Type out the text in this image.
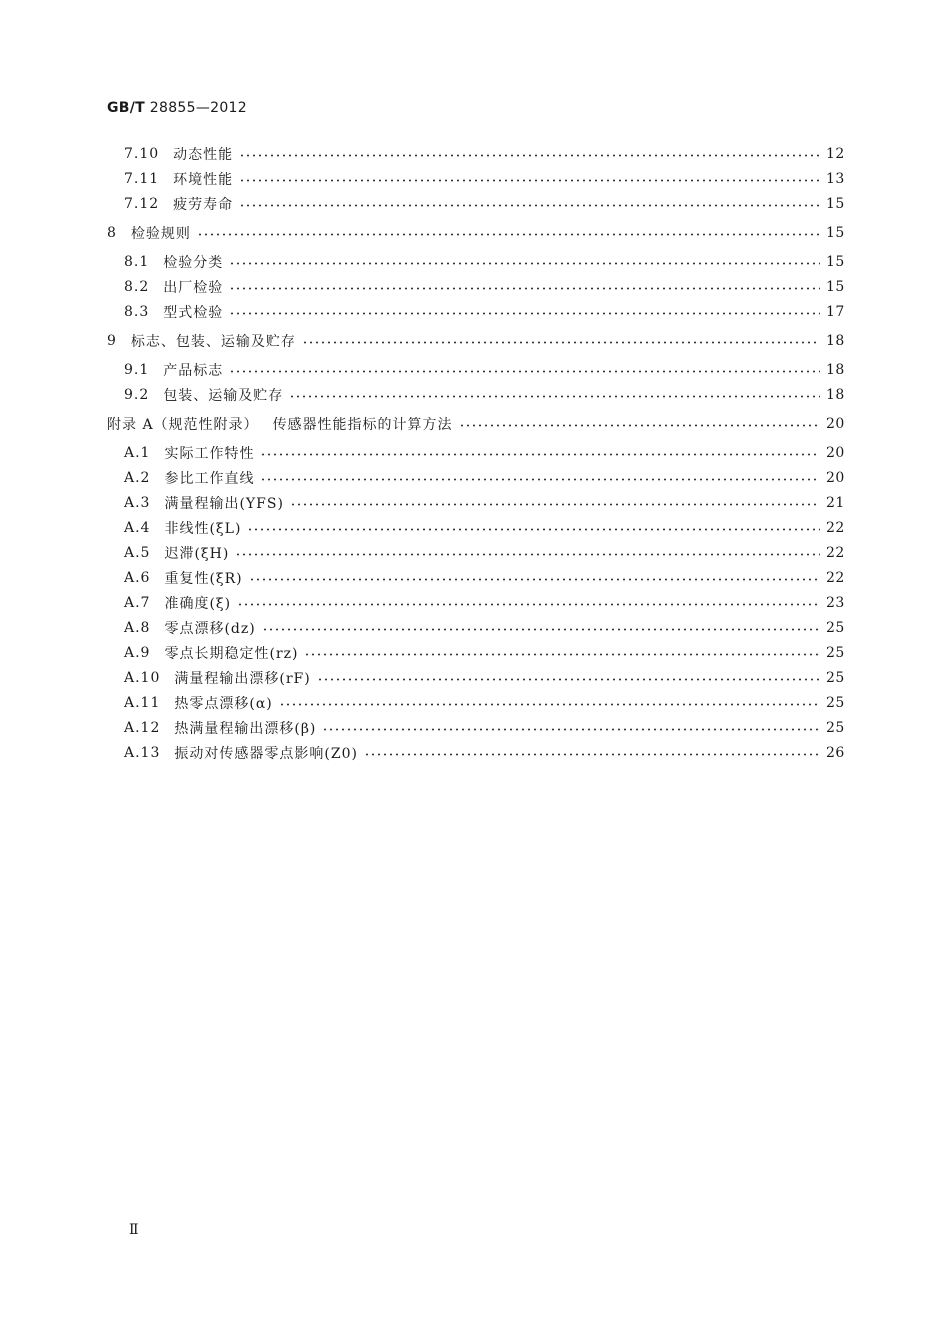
GB/T 28855—2012
7.10	动态性能	12
7.11	环境性能	13
7.12	疲劳寿命	15
8	检验规则	15
8.1	检验分类	15
8.2	出厂检验	15
8.3	型式检验	17
9	标志、包装、运输及贮存	18
9.1	产品标志	18
9.2	包装、运输及贮存	18
附录 A（规范性附录）	传感器性能指标的计算方法	20
A.1	实际工作特性	20
A.2	参比工作直线	20
A.3	满量程输出(YFS)	21
A.4	非线性(ξL)	22
A.5	迟滞(ξH)	22
A.6	重复性(ξR)	22
A.7	准确度(ξ)	23
A.8	零点漂移(dz)	25
A.9	零点长期稳定性(rz)	25
A.10	满量程输出漂移(rF)	25
A.11	热零点漂移(α)	25
A.12	热满量程输出漂移(β)	25
A.13	振动对传感器零点影响(Z0)	26
Ⅱ
